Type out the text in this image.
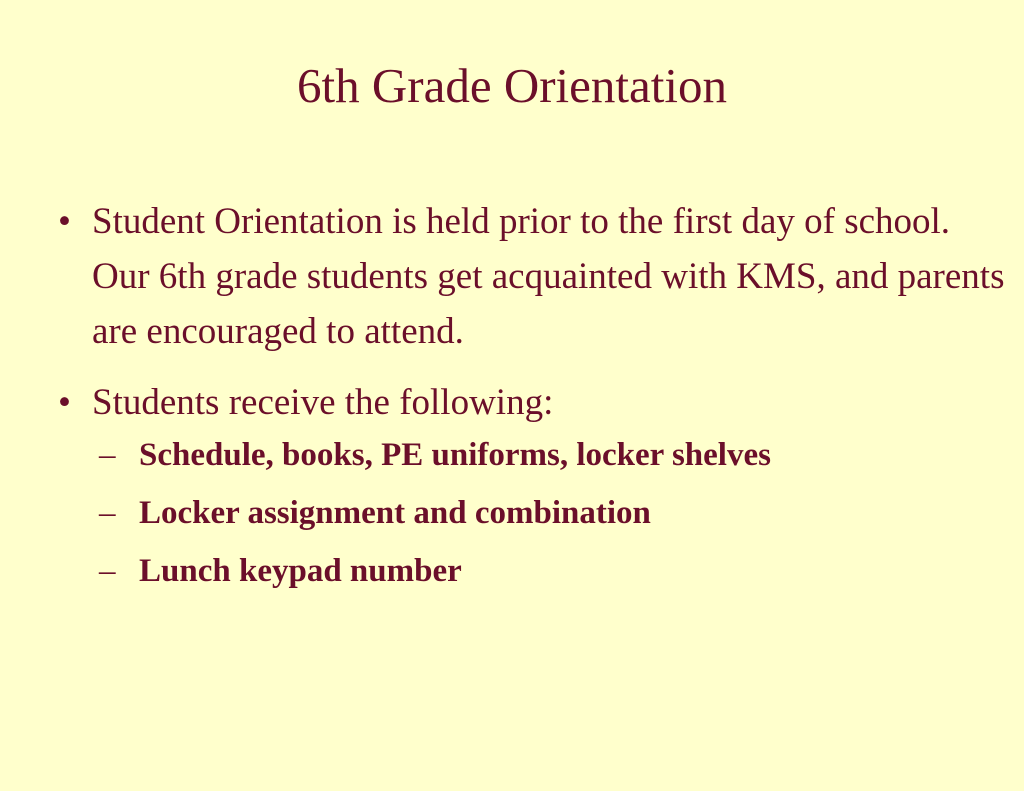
6th Grade Orientation
• Student Orientation is held prior to the first day of school.  Our 6th grade students get acquainted with KMS, and parents are encouraged to attend.
• Students receive the following:
– Schedule, books, PE uniforms, locker shelves
– Locker assignment and combination
– Lunch keypad number
